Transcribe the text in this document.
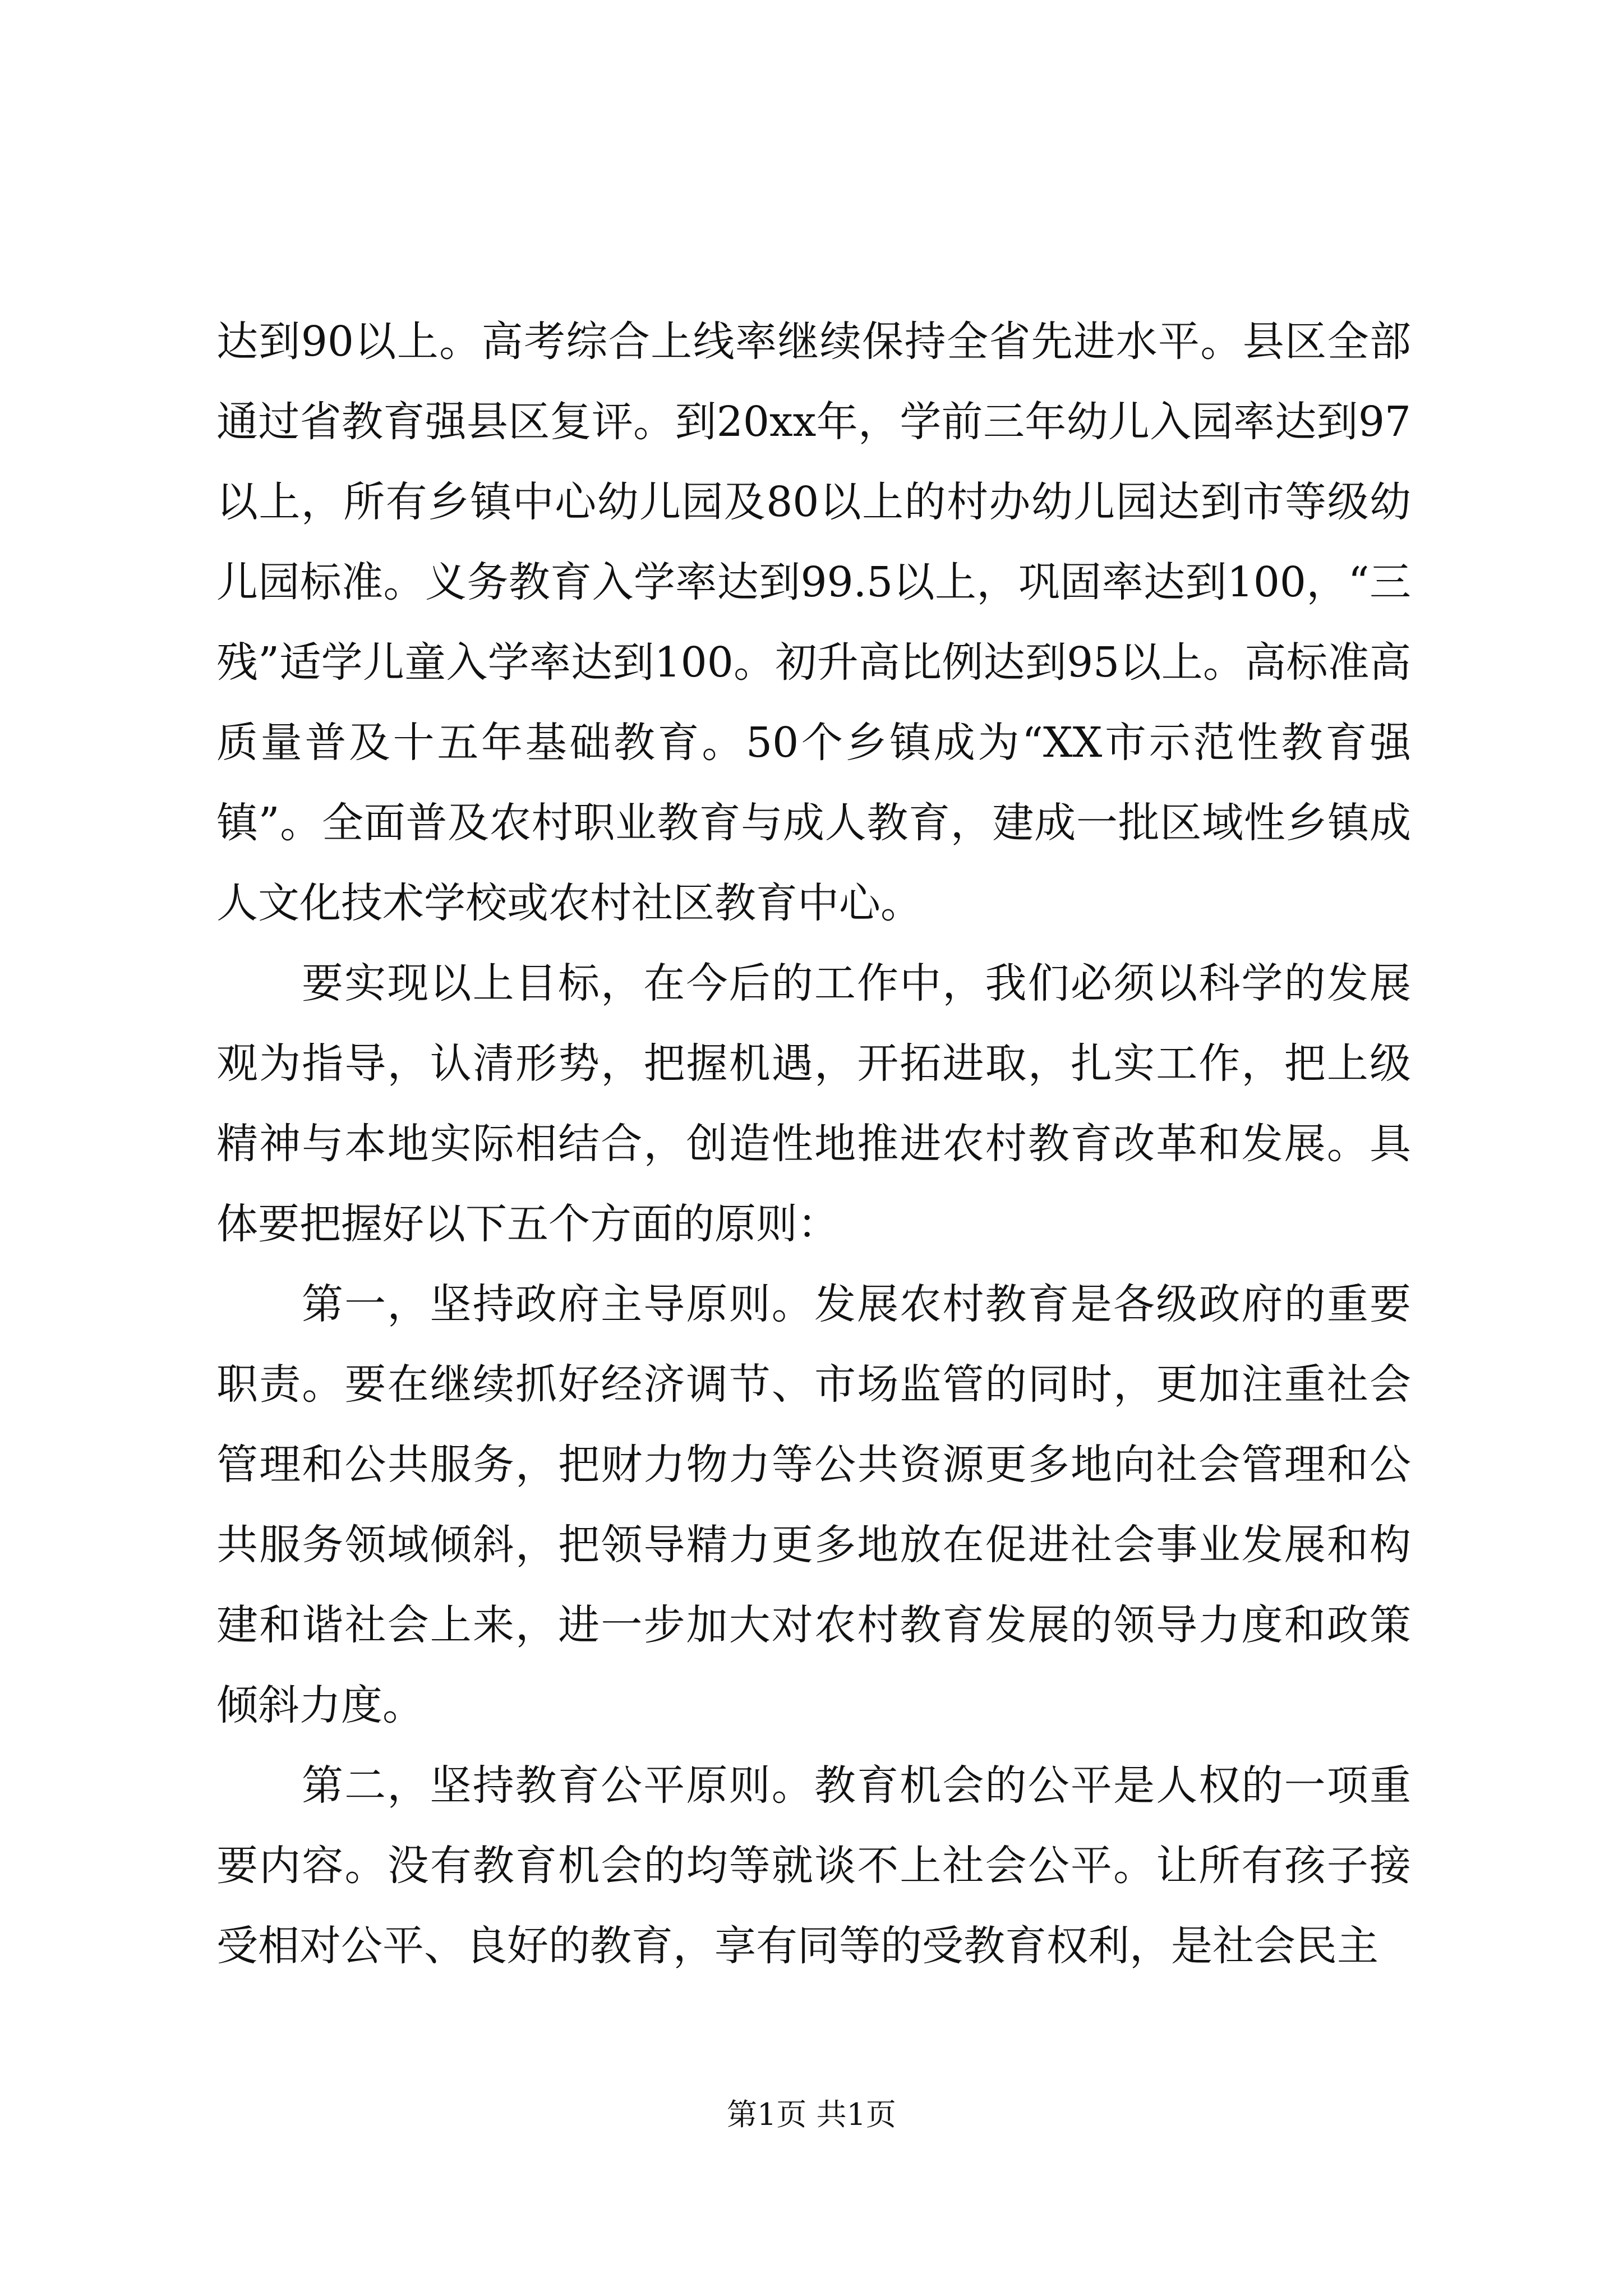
达到90以上。高考综合上线率继续保持全省先进水平。县区全部通过省教育强县区复评。到20xx年，学前三年幼儿入园率达到97以上，所有乡镇中心幼儿园及80以上的村办幼儿园达到市等级幼儿园标准。义务教育入学率达到99.5以上，巩固率达到100，“三残”适学儿童入学率达到100。初升高比例达到95以上。高标准高质量普及十五年基础教育。50个乡镇成为“XX市示范性教育强镇”。全面普及农村职业教育与成人教育，建成一批区域性乡镇成人文化技术学校或农村社区教育中心。

要实现以上目标，在今后的工作中，我们必须以科学的发展观为指导，认清形势，把握机遇，开拓进取，扎实工作，把上级精神与本地实际相结合，创造性地推进农村教育改革和发展。具体要把握好以下五个方面的原则：

第一，坚持政府主导原则。发展农村教育是各级政府的重要职责。要在继续抓好经济调节、市场监管的同时，更加注重社会管理和公共服务，把财力物力等公共资源更多地向社会管理和公共服务领域倾斜，把领导精力更多地放在促进社会事业发展和构建和谐社会上来，进一步加大对农村教育发展的领导力度和政策倾斜力度。

第二，坚持教育公平原则。教育机会的公平是人权的一项重要内容。没有教育机会的均等就谈不上社会公平。让所有孩子接受相对公平、良好的教育，享有同等的受教育权利，是社会民主

第1页 共1页
